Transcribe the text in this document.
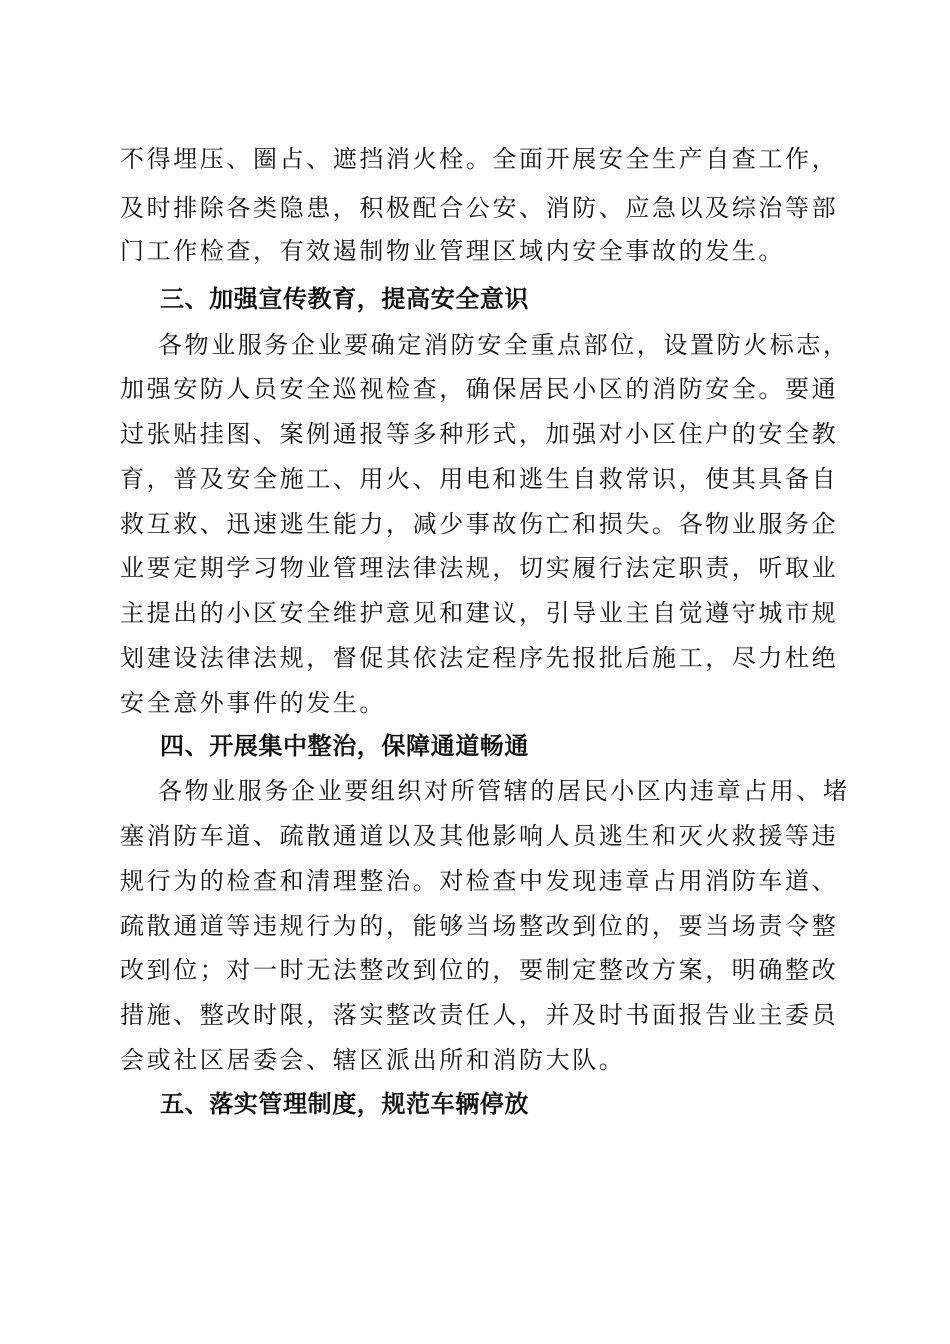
不得埋压、圈占、遮挡消火栓。全面开展安全生产自查工作，
及时排除各类隐患，积极配合公安、消防、应急以及综治等部
门工作检查，有效遏制物业管理区域内安全事故的发生。
三、加强宣传教育，提高安全意识
各物业服务企业要确定消防安全重点部位，设置防火标志，
加强安防人员安全巡视检查，确保居民小区的消防安全。要通
过张贴挂图、案例通报等多种形式，加强对小区住户的安全教
育，普及安全施工、用火、用电和逃生自救常识，使其具备自
救互救、迅速逃生能力，减少事故伤亡和损失。各物业服务企
业要定期学习物业管理法律法规，切实履行法定职责，听取业
主提出的小区安全维护意见和建议，引导业主自觉遵守城市规
划建设法律法规，督促其依法定程序先报批后施工，尽力杜绝
安全意外事件的发生。
四、开展集中整治，保障通道畅通
各物业服务企业要组织对所管辖的居民小区内违章占用、堵
塞消防车道、疏散通道以及其他影响人员逃生和灭火救援等违
规行为的检查和清理整治。对检查中发现违章占用消防车道、
疏散通道等违规行为的，能够当场整改到位的，要当场责令整
改到位；对一时无法整改到位的，要制定整改方案，明确整改
措施、整改时限，落实整改责任人，并及时书面报告业主委员
会或社区居委会、辖区派出所和消防大队。
五、落实管理制度，规范车辆停放
